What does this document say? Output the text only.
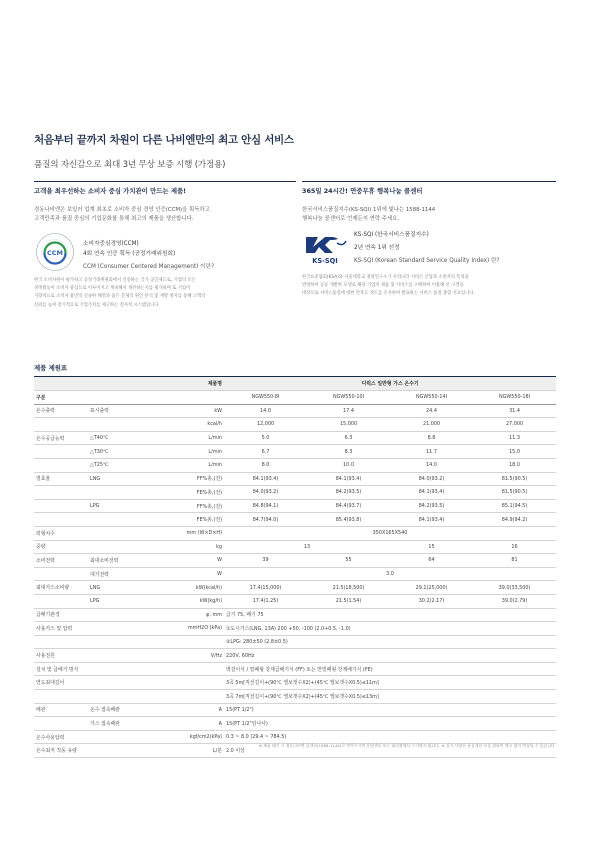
처음부터 끝까지 차원이 다른 나비엔만의 최고 안심 서비스
품질의 자신감으로 최대 3년 무상 보증 시행 (가정용)
고객을 최우선하는 소비자 중심 가치관이 만드는 제품!
경동나비엔은 보일러 업계 최초로 소비자 중심 경영 인증(CCM)을 획득하고
고객만족과 품질 중심의 기업문화를 통해 최고의 제품을 생산합니다.
CCM
소비자중심경영(CCM)
4회 연속 인증 획득 (공정거래위원회)
CCM (Consumer Centered Management) 이란?
한국 소비자원이 평가하고 공정거래위원회에서 인증하는 국가 공인제도로, 기업의 모든
경영활동이 소비자 중심으로 이루어지고 계속해서 개선하는지를 평가하며 또 기업이
지향적으로 소비자 불만의 신속한 해결과 품은 문제의 원인 분석 및 재발 방지를 통해 고객의
신뢰를 높여 장기적으로 기업가치를 제고하는 전사적 시스템입니다.
365일 24시간! 연중무휴 행복나눔 콜센터
한국서비스품질지수(KS-SQI) 1위에 빛나는 1588-1144
행복나눔 콜센터로 언제든지 연락 주세요.
KS-SQI
KS-SQI (한국서비스품질지수)
2년 연속 1위 선정
KS-SQI (Korean Standard Service Quality Index) 란?
한국표준협회(KSA)와 서울대학교 경영연구소가 우리나라 서비스 산업과 소비자의 특성을
반영하여 공동 개발한 모델로 해당 기업의 제품 및 서비스를 구매하여 이용해 본 고객을
대상으로 서비스품질에 대한 만족도 정도를 조사하여 발표하는 서비스 품질 종합 지표입니다.
제품 제원표
		제품명	디럭스 일반형 가스 온수기			
구분			NGW550-8I	NGW550-10I	NGW550-14I	NGW550-18I
온수출력	표시출력	kW	14.0	17.4	24.4	31.4
		kcal/h	12,000	15,000	21,000	27,000
온수공급능력	△T40℃	L/min	5.0	6.3	8.8	11.3
	△T30℃	L/min	6.7	8.3	11.7	15.0
	△T25℃	L/min	8.0	10.0	14.0	18.0
열효율	LNG	FF%총,(전)	84.1(93.4)	84.1(93.4)	84.0(93.2)	81.5(90.5)
		FE%총,(전)	84.0(93.2)	84.2(93.5)	84.1(93.4)	81.5(90.5)
	LPG	FF%총,(전)	84.8(94.1)	84.4(93.7)	84.2(93.5)	85.1(94.5)
		FE%총,(전)	84.7(94.0)	85.4(93.8)	84.1(93.4)	84.9(94.2)
외형치수		mm (W×D×H)	350X165X540			
중량		kg	13		15	16
소비전력	최대소비전력	W	39	55	64	81
	대기전력	W	3.0			
최대가스소비량	LNG	kW(kcal/h)	17.4(15,000)	21.5(18,500)	29.1(25,000)	39.0(33,500)
	LPG	kW(kg/h)	17.4(1.25)	21.5(1.54)	30.2(2.17)	39.0(2.79)
급배기관경		φ, mm	급기 75, 배기 75			
사용가스 및 압력		mmH2O (kPa)	①도시가스(LNG, 13A) 200 +50, -100 (2.0+0.5, -1.0)			
			②LPG: 280±50 (2.8±0.5)			
사용전원		V/Hz	220V, 60Hz			
설치 및 급배기 방식			벽걸이식 / 밀폐형 강제급배기식 (FF) 또는 반밀폐형 강제배기식 (FE)			
연도최대길이			3곡 5m[직선길이+(90℃ 엘보갯수X2)+(45℃ 엘보갯수X0.5)≤11m]			
			3곡 7m[직선길이+(90℃ 엘보갯수X2)+(45℃ 엘보갯수X0.5)≤13m]			
배관	온수 접속배관	A	15(PT 1/2")			
	가스 접속배관	A	15(PT 1/2"암나사)			
온수사용압력		kgf/cm2(kPa)	0.3 ~ 8.0 (29.4 ~ 784.5)			
온수최저 작동 유량		L/분	2.0 이상			
※ 제품 폐기 시 경동나비엔 콜센터(1588-1144)로 연락주시면 운영센터 또는 대리점에서 수거해 드립니다. ※ 상기 사양은 품질개선 등을 위하여 예고 없이 변경될 수 있습니다.
